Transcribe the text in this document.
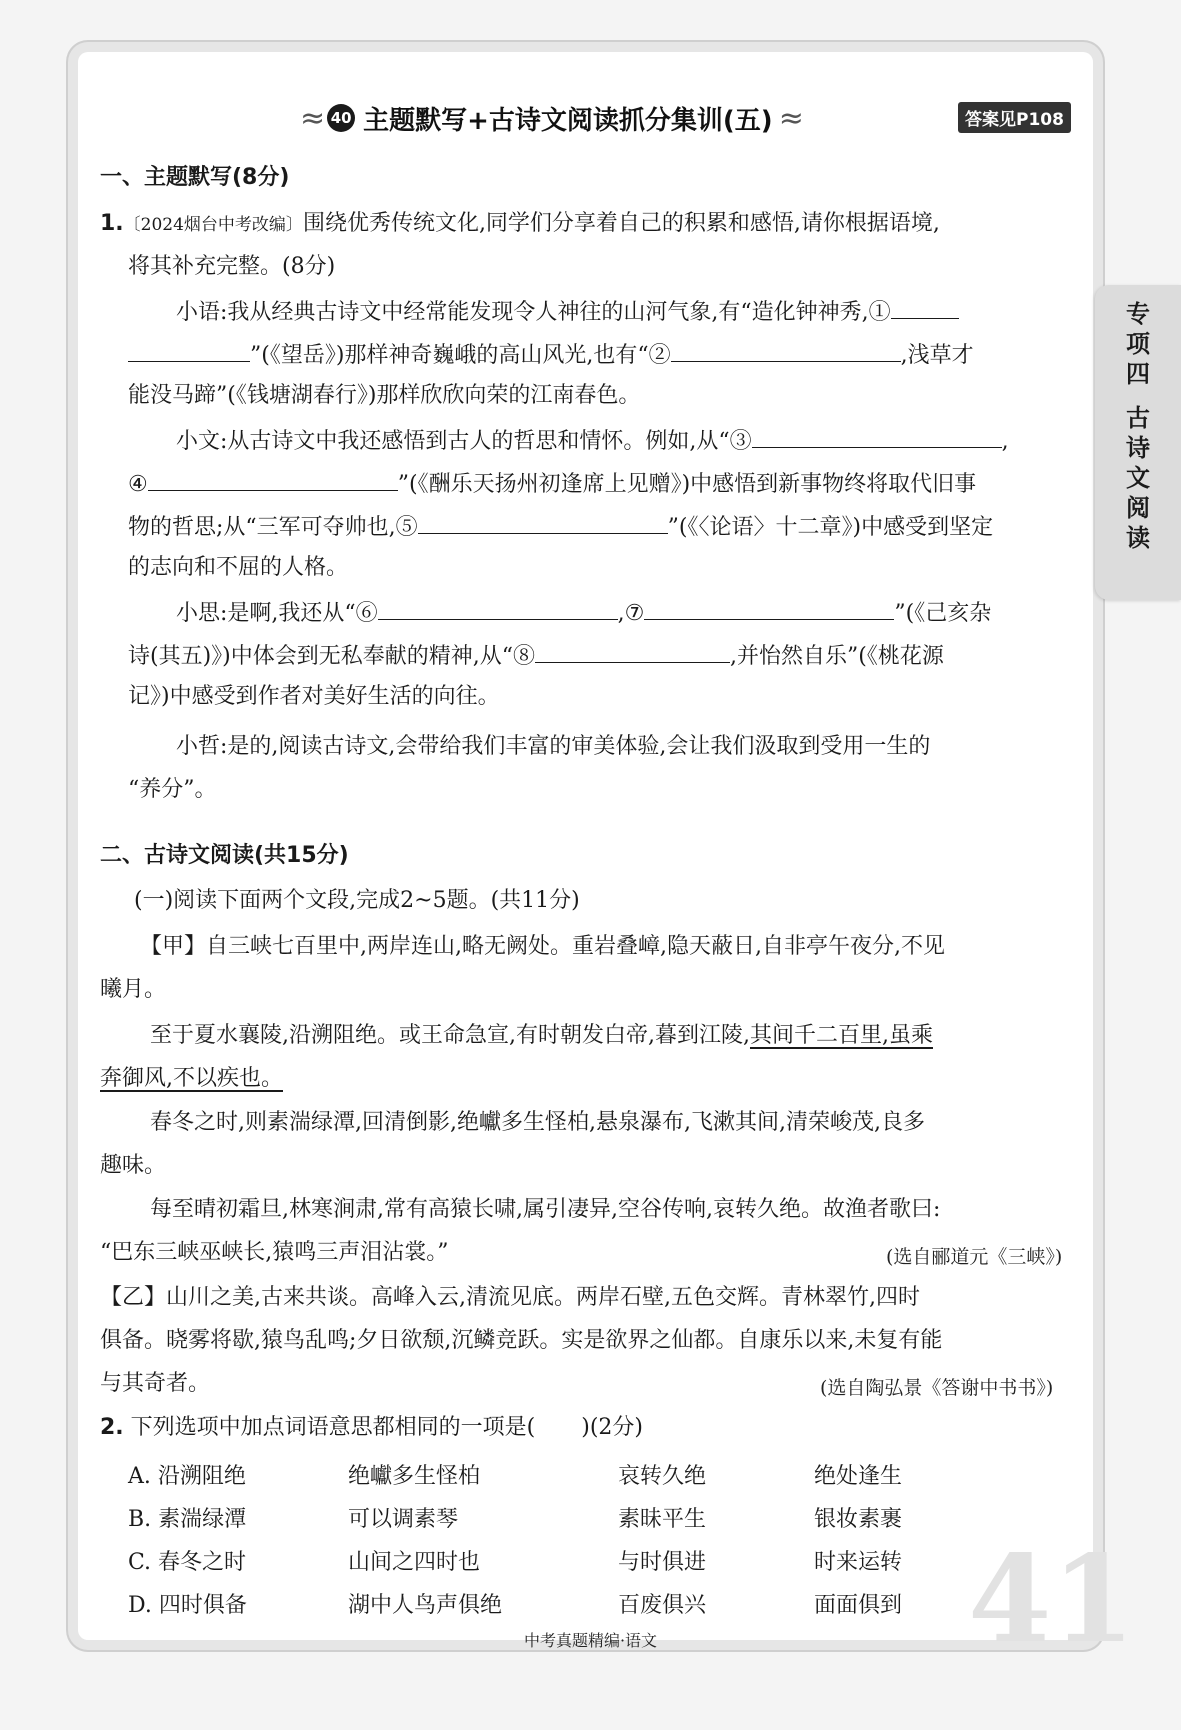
≈ 40 主题默写+古诗文阅读抓分集训(五) ≈	答案见P108
专
项
四
古
诗
文
阅
读
一、主题默写(8分)
1.〔2024烟台中考改编〕围绕优秀传统文化,同学们分享着自己的积累和感悟,请你根据语境,
将其补充完整。(8分)
小语:我从经典古诗文中经常能发现令人神往的山河气象,有“造化钟神秀,①
”(《望岳》)那样神奇巍峨的高山风光,也有“②	,浅草才
能没马蹄”(《钱塘湖春行》)那样欣欣向荣的江南春色。
小文:从古诗文中我还感悟到古人的哲思和情怀。例如,从“③	,
④	”(《酬乐天扬州初逢席上见赠》)中感悟到新事物终将取代旧事
物的哲思;从“三军可夺帅也,⑤	”(《〈论语〉十二章》)中感受到坚定
的志向和不屈的人格。
小思:是啊,我还从“⑥	,⑦	”(《己亥杂
诗(其五)》)中体会到无私奉献的精神,从“⑧	,并怡然自乐”(《桃花源
记》)中感受到作者对美好生活的向往。
小哲:是的,阅读古诗文,会带给我们丰富的审美体验,会让我们汲取到受用一生的
“养分”。
二、古诗文阅读(共15分)
(一)阅读下面两个文段,完成2~5题。(共11分)
【甲】自三峡七百里中,两岸连山,略无阙处。重岩叠嶂,隐天蔽日,自非亭午夜分,不见
曦月。
至于夏水襄陵,沿溯阻绝。或王命急宣,有时朝发白帝,暮到江陵,其间千二百里,虽乘
奔御风,不以疾也。
春冬之时,则素湍绿潭,回清倒影,绝巘多生怪柏,悬泉瀑布,飞漱其间,清荣峻茂,良多
趣味。
每至晴初霜旦,林寒涧肃,常有高猿长啸,属引凄异,空谷传响,哀转久绝。故渔者歌曰:
“巴东三峡巫峡长,猿鸣三声泪沾裳。”	(选自郦道元《三峡》)
【乙】山川之美,古来共谈。高峰入云,清流见底。两岸石壁,五色交辉。青林翠竹,四时
俱备。晓雾将歇,猿鸟乱鸣;夕日欲颓,沉鳞竞跃。实是欲界之仙都。自康乐以来,未复有能
与其奇者。	(选自陶弘景《答谢中书书》)
2. 下列选项中加点词语意思都相同的一项是( )(2分)
A. 沿溯阻绝	绝巘多生怪柏	哀转久绝	绝处逢生
B. 素湍绿潭	可以调素琴	素昧平生	银妆素裹
C. 春冬之时	山间之四时也	与时俱进	时来运转
D. 四时俱备	湖中人鸟声俱绝	百废俱兴	面面俱到 41
中考真题精编·语文
